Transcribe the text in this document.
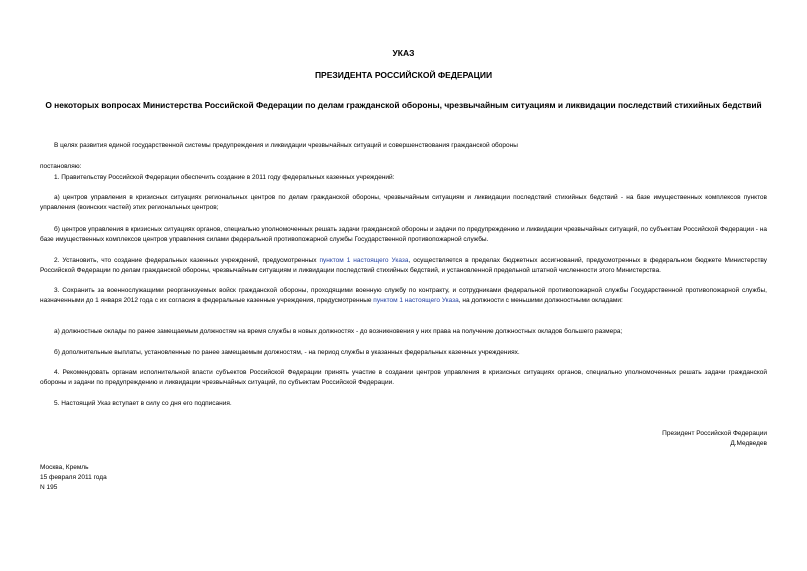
УКАЗ
ПРЕЗИДЕНТА РОССИЙСКОЙ ФЕДЕРАЦИИ
О некоторых вопросах Министерства Российской Федерации по делам гражданской обороны, чрезвычайным ситуациям и ликвидации последствий стихийных бедствий
В целях развития единой государственной системы предупреждения и ликвидации чрезвычайных ситуаций и совершенствования гражданской обороны
постановляю:
1. Правительству Российской Федерации обеспечить создание в 2011 году федеральных казенных учреждений:
а) центров управления в кризисных ситуациях региональных центров по делам гражданской обороны, чрезвычайным ситуациям и ликвидации последствий стихийных бедствий - на базе имущественных комплексов пунктов управления (воинских частей) этих региональных центров;
б) центров управления в кризисных ситуациях органов, специально уполномоченных решать задачи гражданской обороны и задачи по предупреждению и ликвидации чрезвычайных ситуаций, по субъектам Российской Федерации - на базе имущественных комплексов центров управления силами федеральной противопожарной службы Государственной противопожарной службы.
2. Установить, что создание федеральных казенных учреждений, предусмотренных пунктом 1 настоящего Указа, осуществляется в пределах бюджетных ассигнований, предусмотренных в федеральном бюджете Министерству Российской Федерации по делам гражданской обороны, чрезвычайным ситуациям и ликвидации последствий стихийных бедствий, и установленной предельной штатной численности этого Министерства.
3. Сохранить за военнослужащими реорганизуемых войск гражданской обороны, проходящими военную службу по контракту, и сотрудниками федеральной противопожарной службы Государственной противопожарной службы, назначенными до 1 января 2012 года с их согласия в федеральные казенные учреждения, предусмотренные пунктом 1 настоящего Указа, на должности с меньшими должностными окладами:
а) должностные оклады по ранее замещаемым должностям на время службы в новых должностях - до возникновения у них права на получение должностных окладов большего размера;
б) дополнительные выплаты, установленные по ранее замещаемым должностям, - на период службы в указанных федеральных казенных учреждениях.
4. Рекомендовать органам исполнительной власти субъектов Российской Федерации принять участие в создании центров управления в кризисных ситуациях органов, специально уполномоченных решать задачи гражданской обороны и задачи по предупреждению и ликвидации чрезвычайных ситуаций, по субъектам Российской Федерации.
5. Настоящий Указ вступает в силу со дня его подписания.
Президент Российской Федерации
Д.Медведев
Москва, Кремль
15 февраля 2011 года
N 195
